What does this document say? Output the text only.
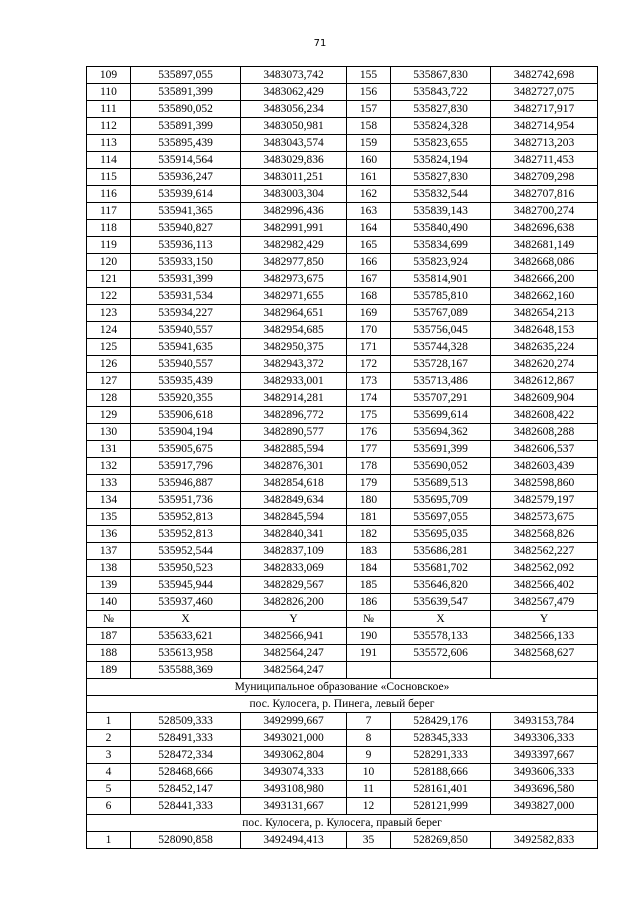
71
109	535897,055	3483073,742	155	535867,830	3482742,698
110	535891,399	3483062,429	156	535843,722	3482727,075
111	535890,052	3483056,234	157	535827,830	3482717,917
112	535891,399	3483050,981	158	535824,328	3482714,954
113	535895,439	3483043,574	159	535823,655	3482713,203
114	535914,564	3483029,836	160	535824,194	3482711,453
115	535936,247	3483011,251	161	535827,830	3482709,298
116	535939,614	3483003,304	162	535832,544	3482707,816
117	535941,365	3482996,436	163	535839,143	3482700,274
118	535940,827	3482991,991	164	535840,490	3482696,638
119	535936,113	3482982,429	165	535834,699	3482681,149
120	535933,150	3482977,850	166	535823,924	3482668,086
121	535931,399	3482973,675	167	535814,901	3482666,200
122	535931,534	3482971,655	168	535785,810	3482662,160
123	535934,227	3482964,651	169	535767,089	3482654,213
124	535940,557	3482954,685	170	535756,045	3482648,153
125	535941,635	3482950,375	171	535744,328	3482635,224
126	535940,557	3482943,372	172	535728,167	3482620,274
127	535935,439	3482933,001	173	535713,486	3482612,867
128	535920,355	3482914,281	174	535707,291	3482609,904
129	535906,618	3482896,772	175	535699,614	3482608,422
130	535904,194	3482890,577	176	535694,362	3482608,288
131	535905,675	3482885,594	177	535691,399	3482606,537
132	535917,796	3482876,301	178	535690,052	3482603,439
133	535946,887	3482854,618	179	535689,513	3482598,860
134	535951,736	3482849,634	180	535695,709	3482579,197
135	535952,813	3482845,594	181	535697,055	3482573,675
136	535952,813	3482840,341	182	535695,035	3482568,826
137	535952,544	3482837,109	183	535686,281	3482562,227
138	535950,523	3482833,069	184	535681,702	3482562,092
139	535945,944	3482829,567	185	535646,820	3482566,402
140	535937,460	3482826,200	186	535639,547	3482567,479
№	X	Y	№	X	Y
187	535633,621	3482566,941	190	535578,133	3482566,133
188	535613,958	3482564,247	191	535572,606	3482568,627
189	535588,369	3482564,247			
Муниципальное образование «Сосновское»					
пос. Кулосега, р. Пинега, левый берег					
1	528509,333	3492999,667	7	528429,176	3493153,784
2	528491,333	3493021,000	8	528345,333	3493306,333
3	528472,334	3493062,804	9	528291,333	3493397,667
4	528468,666	3493074,333	10	528188,666	3493606,333
5	528452,147	3493108,980	11	528161,401	3493696,580
6	528441,333	3493131,667	12	528121,999	3493827,000
пос. Кулосега, р. Кулосега, правый берег					
1	528090,858	3492494,413	35	528269,850	3492582,833
